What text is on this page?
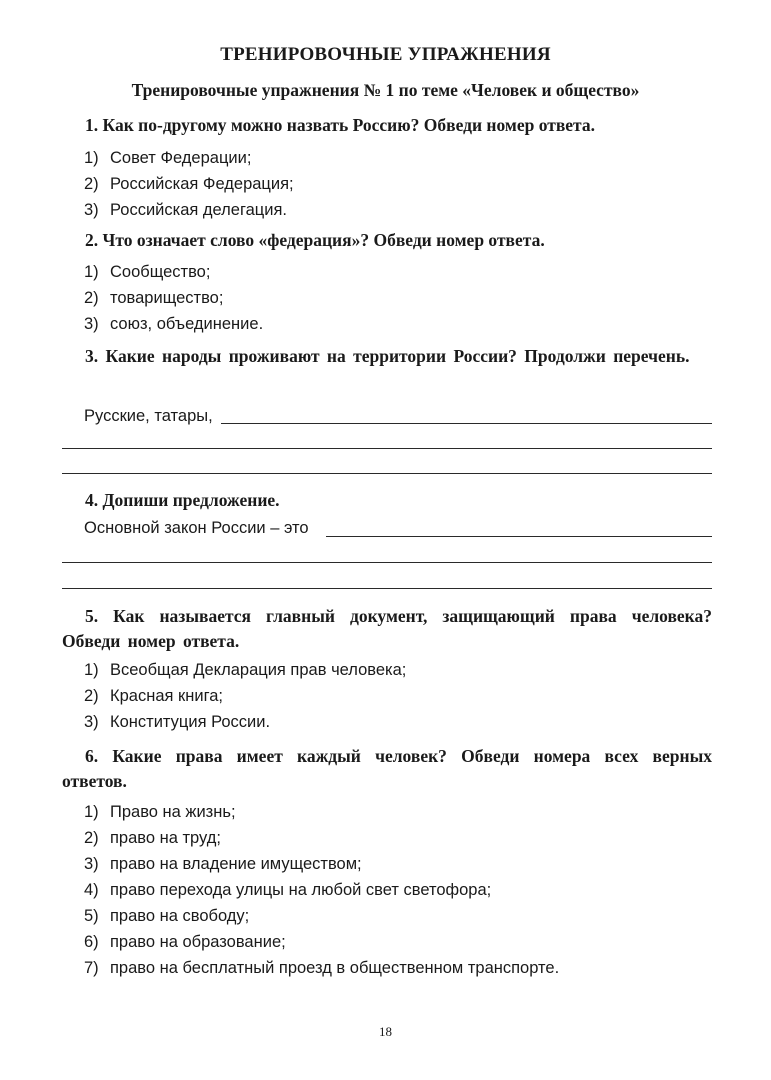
ТРЕНИРОВОЧНЫЕ УПРАЖНЕНИЯ
Тренировочные упражнения № 1 по теме «Человек и общество»
1. Как по-другому можно назвать Россию? Обведи номер ответа.
1) Совет Федерации;
2) Российская Федерация;
3) Российская делегация.
2. Что означает слово «федерация»? Обведи номер ответа.
1) Сообщество;
2) товарищество;
3) союз, объединение.
3. Какие народы проживают на территории России? Продолжи перечень.
Русские, татары,
4. Допиши предложение.
Основной закон России – это
5. Как называется главный документ, защищающий права человека? Обведи номер ответа.
1) Всеобщая Декларация прав человека;
2) Красная книга;
3) Конституция России.
6. Какие права имеет каждый человек? Обведи номера всех верных ответов.
1) Право на жизнь;
2) право на труд;
3) право на владение имуществом;
4) право перехода улицы на любой свет светофора;
5) право на свободу;
6) право на образование;
7) право на бесплатный проезд в общественном транспорте.
18
